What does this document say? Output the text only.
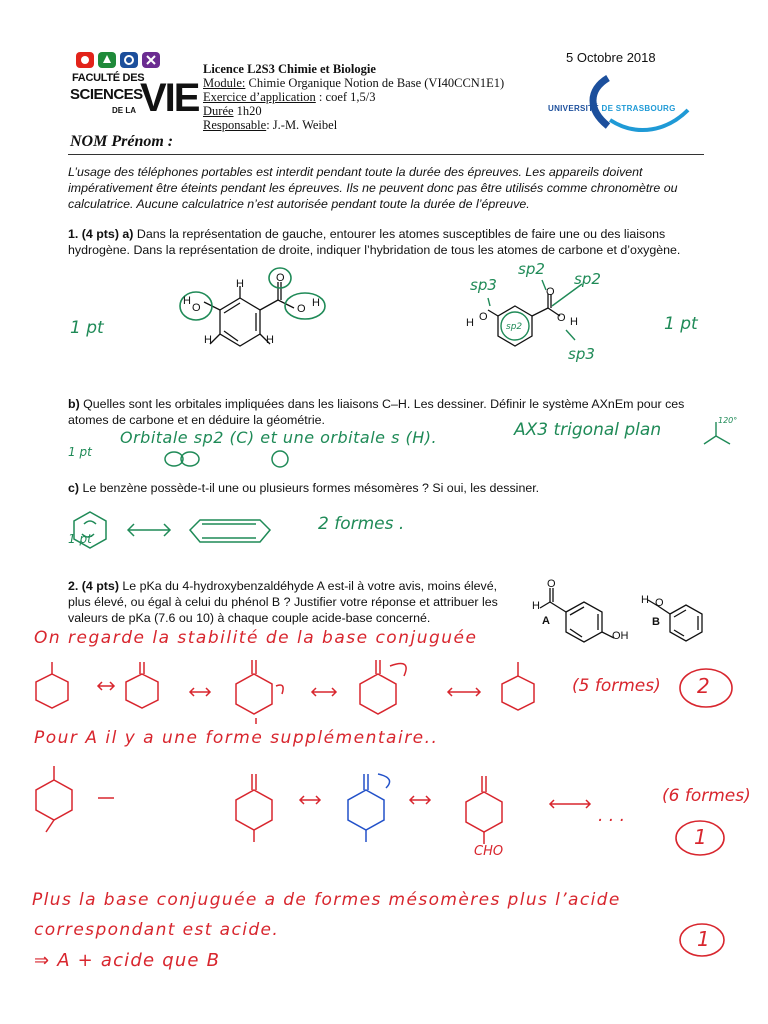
5 Octobre 2018
FACULTÉ DES
SCIENCES
DE LA VIE
Licence L2S3 Chimie et Biologie
Module: Chimie Organique Notion de Base (VI40CCN1E1)
Exercice d’application : coef 1,5/3
Durée 1h20
Responsable: J.-M. Weibel
UNIVERSITÉ DE STRASBOURG
NOM Prénom :
L’usage des téléphones portables est interdit pendant toute la durée des épreuves. Les appareils doivent impérativement être éteints pendant les épreuves. Ils ne peuvent donc pas être utilisés comme chronomètre ou calculatrice. Aucune calculatrice n’est autorisée pendant toute la durée de l’épreuve.
1. (4 pts) a) Dans la représentation de gauche, entourer les atomes susceptibles de faire une ou des liaisons
hydrogène. Dans la représentation de droite, indiquer l’hybridation de tous les atomes de carbone et d’oxygène.
O
H
O H
O
H
H	H
1 pt
sp3
sp2
sp2
sp3
sp2
H O
O
O H	1 pt
b) Quelles sont les orbitales impliquées dans les liaisons C–H. Les dessiner. Définir le système AXnEm pour ces
atomes de carbone et en déduire la géométrie.
1 pt
Orbitale sp2 (C) et une orbitale s (H).	AX3 trigonal plan	120°
c) Le benzène possède-t-il une ou plusieurs formes mésomères ? Si oui, les dessiner.
1 pt
2 formes .
2. (4 pts) Le pKa du 4-hydroxybenzaldéhyde A est-il à votre avis, moins élevé,
plus élevé, ou égal à celui du phénol B ? Justifier votre réponse et attribuer les
valeurs de pKa (7.6 ou 10) à chaque couple acide-base concerné.
O
H
OH
A
H O
B
On regarde la stabilité de la base conjuguée
(5 formes) 2
Pour A il y a une forme supplémentaire..
. . .
CHO
(6 formes)
1
Plus la base conjuguée a de formes mésomères plus l’acide
correspondant est acide.
⇒ A + acide que B
1
